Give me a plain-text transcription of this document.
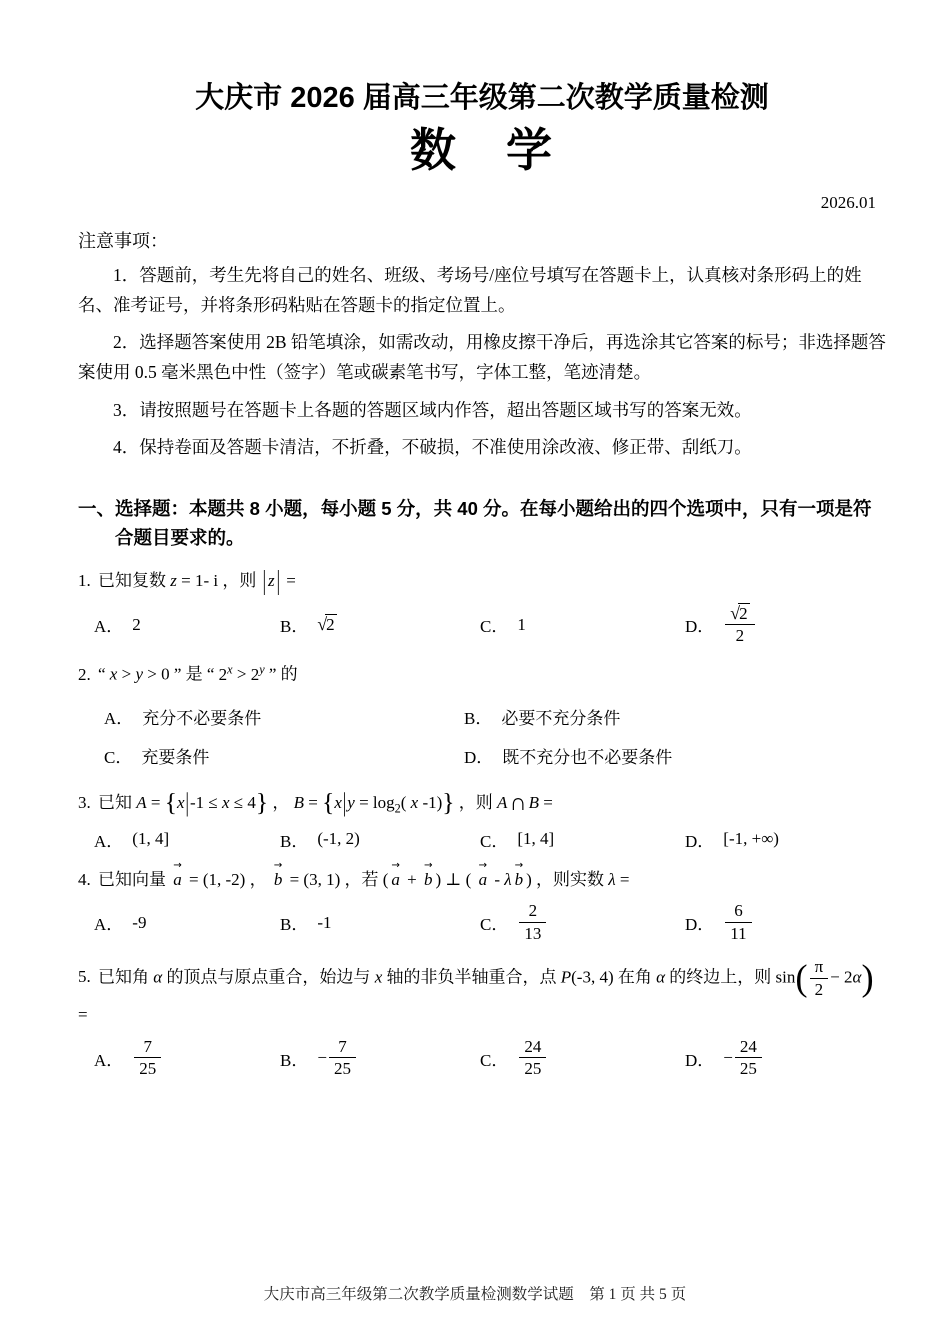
大庆市 2026 届高三年级第二次教学质量检测
数　学
2026.01
注意事项：

1．答题前，考生先将自己的姓名、班级、考场号/座位号填写在答题卡上，认真核对条形码上的姓名、准考证号，并将条形码粘贴在答题卡的指定位置上。

2．选择题答案使用 2B 铅笔填涂，如需改动，用橡皮擦干净后，再选涂其它答案的标号；非选择题答案使用 0.5 毫米黑色中性（签字）笔或碳素笔书写，字体工整，笔迹清楚。

3．请按照题号在答题卡上各题的答题区域内作答，超出答题区域书写的答案无效。

4．保持卷面及答题卡清洁，不折叠，不破损，不准使用涂改液、修正带、刮纸刀。

一、选择题：本题共 8 小题，每小题 5 分，共 40 分。在每小题给出的四个选项中，只有一项是符合题目要求的。
1. 已知复数 z = 1- i ，则 | z | =
A． 2	B． √2	C． 1	D． $\frac{√2}{2}$
2. “ x > y > 0 ” 是 “ $2^x > 2^y$ ” 的
A． 充分不必要条件	B． 必要不充分条件
C． 充要条件	D． 既不充分也不必要条件
3. 已知 A = {x|-1 ≤ x ≤ 4} ， $B = \{x|y = \log_2$( x -1)} ，则 A∩ B =
A． (1, 4]	B． (-1, 2)	C． [1, 4]	D． [-1, +∞)
4. 已知向量 a
→
= (1, -2) ， b
→
= (3, 1) ，若 ( a
→
+ b
→
) ⊥ ( a
→
- λ b
→
) ，则实数 λ =
A． -9	B． -1	C． $\frac{2}{13}$	D． $\frac{6}{11}$
5. 已知角 α 的顶点与原点重合，始边与 x 轴的非负半轴重合，点 P(-3, 4) 在角 α 的终边上，则 $\sin( \frac{\pi}{2} - 2\alpha)$ =
A． $\frac{7}{25}$	B． − $\frac{7}{25}$	C． $\frac{24}{25}$	D． − $\frac{24}{25}$
大庆市高三年级第二次教学质量检测数学试题　第 1 页 共 5 页
